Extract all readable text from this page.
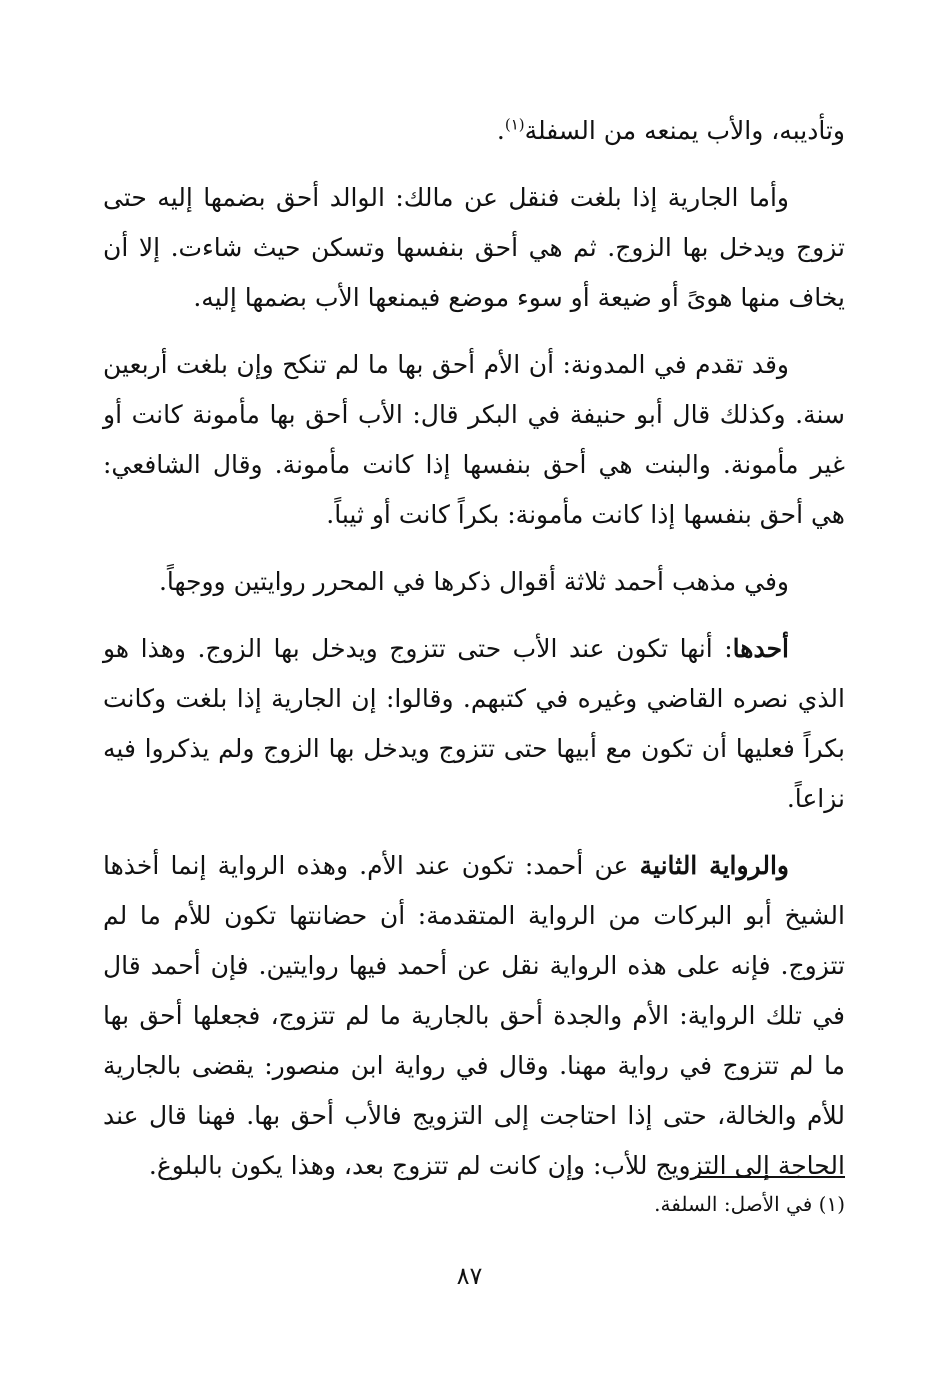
وتأديبه، والأب يمنعه من السفلة$^{(١)}$.

وأما الجارية إذا بلغت فنقل عن مالك: الوالد أحق بضمها إليه حتى تزوج ويدخل بها الزوج. ثم هي أحق بنفسها وتسكن حيث شاءت. إلا أن يخاف منها هوىً أو ضيعة أو سوء موضع فيمنعها الأب بضمها إليه.

وقد تقدم في المدونة: أن الأم أحق بها ما لم تنكح وإن بلغت أربعين سنة. وكذلك قال أبو حنيفة في البكر قال: الأب أحق بها مأمونة كانت أو غير مأمونة. والبنت هي أحق بنفسها إذا كانت مأمونة. وقال الشافعي: هي أحق بنفسها إذا كانت مأمونة: بكراً كانت أو ثيباً.

وفي مذهب أحمد ثلاثة أقوال ذكرها في المحرر روايتين ووجهاً.

أحدها: أنها تكون عند الأب حتى تتزوج ويدخل بها الزوج. وهذا هو الذي نصره القاضي وغيره في كتبهم. وقالوا: إن الجارية إذا بلغت وكانت بكراً فعليها أن تكون مع أبيها حتى تتزوج ويدخل بها الزوج ولم يذكروا فيه نزاعاً.

والرواية الثانية عن أحمد: تكون عند الأم. وهذه الرواية إنما أخذها الشيخ أبو البركات من الرواية المتقدمة: أن حضانتها تكون للأم ما لم تتزوج. فإنه على هذه الرواية نقل عن أحمد فيها روايتين. فإن أحمد قال في تلك الرواية: الأم والجدة أحق بالجارية ما لم تتزوج، فجعلها أحق بها ما لم تتزوج في رواية مهنا. وقال في رواية ابن منصور: يقضى بالجارية للأم والخالة، حتى إذا احتاجت إلى التزويج فالأب أحق بها. فهنا قال عند الحاجة إلى التزويج للأب: وإن كانت لم تتزوج بعد، وهذا يكون بالبلوغ.

(١) في الأصل: السلفة.
٨٧
